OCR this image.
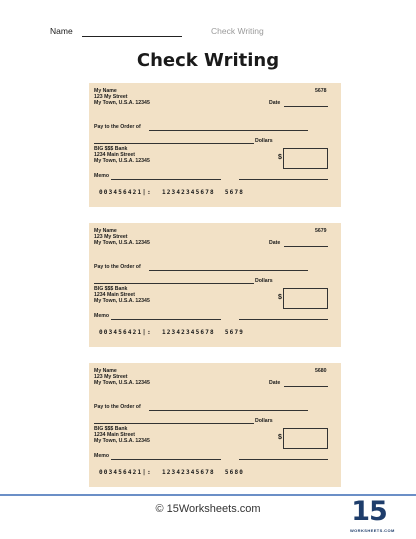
Name	Check Writing
Check Writing
My Name
123 My Street
My Town, U.S.A. 12345
5678
Date
Pay to the Order of
Dollars
$
BIG $$$ Bank
1234 Main Street
My Town, U.S.A. 12345
Memo
003456421|: 12342345678 5678
My Name
123 My Street
My Town, U.S.A. 12345
5679
Date
Pay to the Order of
Dollars
$
BIG $$$ Bank
1234 Main Street
My Town, U.S.A. 12345
Memo
003456421|: 12342345678 5679
My Name
123 My Street
My Town, U.S.A. 12345
5680
Date
Pay to the Order of
Dollars
$
BIG $$$ Bank
1234 Main Street
My Town, U.S.A. 12345
Memo
003456421|: 12342345678 5680
© 15Worksheets.com	15
WORKSHEETS.COM
